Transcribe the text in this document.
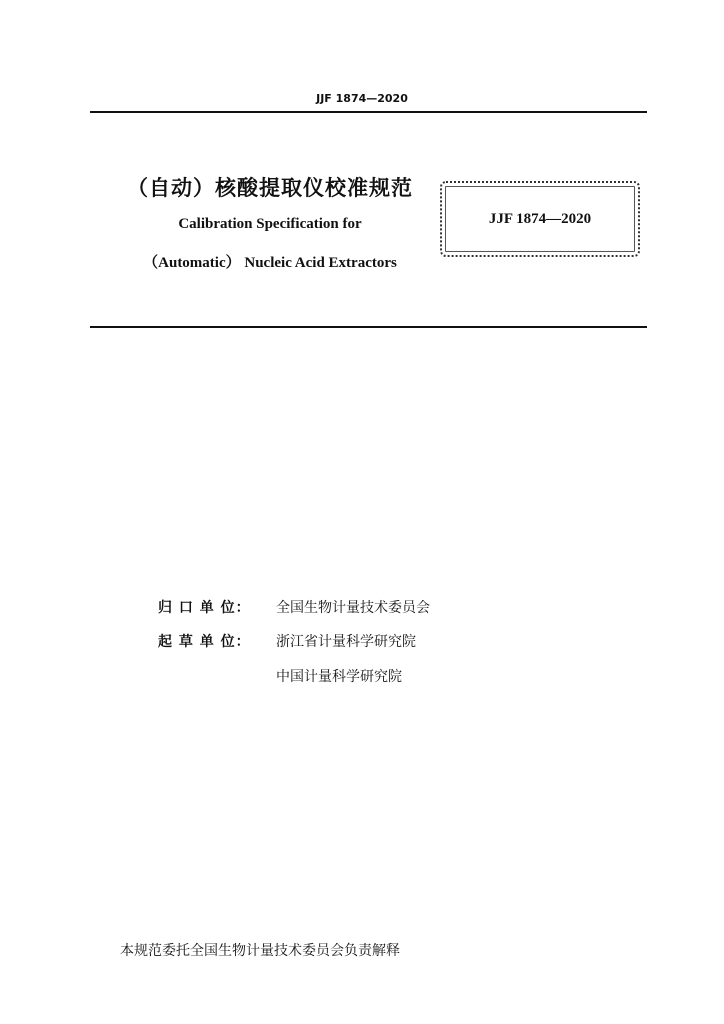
JJF 1874—2020
（自动）核酸提取仪校准规范
Calibration Specification for
（Automatic） Nucleic Acid Extractors
JJF 1874—2020
归 口 单 位： 全国生物计量技术委员会
起 草 单 位： 浙江省计量科学研究院
中国计量科学研究院
本规范委托全国生物计量技术委员会负责解释
